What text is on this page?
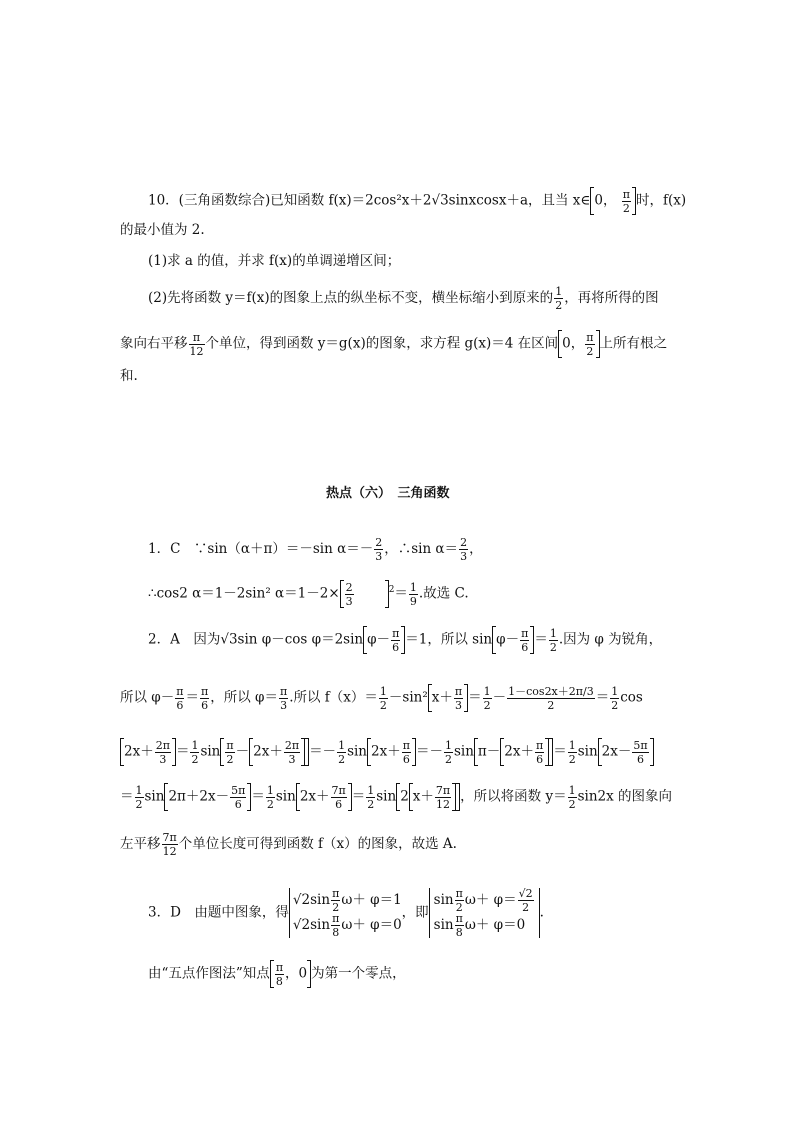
10．(三角函数综合)已知函数 f(x)＝2cos²x＋2√3sinxcosx＋a，且当 x∈ 0， $\frac{\pi}{2}$ 时，f(x)
的最小值为 2.
(1)求 a 的值，并求 f(x)的单调递增区间；
(2)先将函数 y＝f(x)的图象上点的纵坐标不变，横坐标缩小到原来的 $\frac{1}{2}$ ，再将所得的图
象向右平移 $\frac{\pi}{12}$ 个单位，得到函数 y＝g(x)的图象，求方程 g(x)＝4 在区间 0， $\frac{\pi}{2}$ 上所有根之
和.
热点（六）　三角函数
1．C　∵sin（α＋π）＝－sin $\alpha=- \frac{2}{3}$ ，∴sin $\alpha= \frac{2}{3}$ ，
∴cos2 α＝1－2sin² $\alpha=1-2\times \frac{2}{3}$	$^2= \frac{1}{9}$ .故选 C.
2．A　因为√3sin φ－cos φ＝2sin $\varphi- \frac{\pi}{6} =1$，所以 $\sin \varphi- \frac{\pi}{6} = \frac{1}{2}$ .因为 φ 为锐角，
所以 $\varphi- \frac{\pi}{6} = \frac{\pi}{6}$ ，所以 $\varphi= \frac{\pi}{3}$ .所以 $f(x)= \frac{1}{2} -\sin^2$ $x+ \frac{\pi}{3} = \frac{1}{2} - \frac{1-\cos 2x+2\pi/3}{2} = \frac{1}{2}$ cos
$2x+ \frac{2\pi}{3} = \frac{1}{2}$ $\sin \frac{\pi}{2} - 2x+ \frac{2\pi}{3} =- \frac{1}{2}$ $\sin 2x+ \frac{\pi}{6} =- \frac{1}{2}$ $\sin \pi- 2x+ \frac{\pi}{6} = \frac{1}{2}$ $\sin 2x- \frac{5\pi}{6}$
＝ $\frac{1}{2}$ $\sin 2\pi+2x- \frac{5\pi}{6} = \frac{1}{2}$ $\sin 2x+ \frac{7\pi}{6} = \frac{1}{2}$ sin 2 $x+ \frac{7\pi}{12}$ ，所以将函数 $y= \frac{1}{2} \sin 2x$ 的图象向
左平移 $\frac{7\pi}{12}$ 个单位长度可得到函数 f（x）的图象，故选 A.
3．D　由题中图象，得
$√2\sin \frac{\pi}{2} \omega+ \varphi=1$
$√2\sin \frac{\pi}{8} \omega+ \varphi=0$
，即
$\sin \frac{\pi}{2} \omega+ \varphi= \frac{√2}{2}$
$\sin \frac{\pi}{8} \omega+ \varphi=0$
.
由“五点作图法”知点 $\frac{\pi}{8}$ ，0 为第一个零点，
